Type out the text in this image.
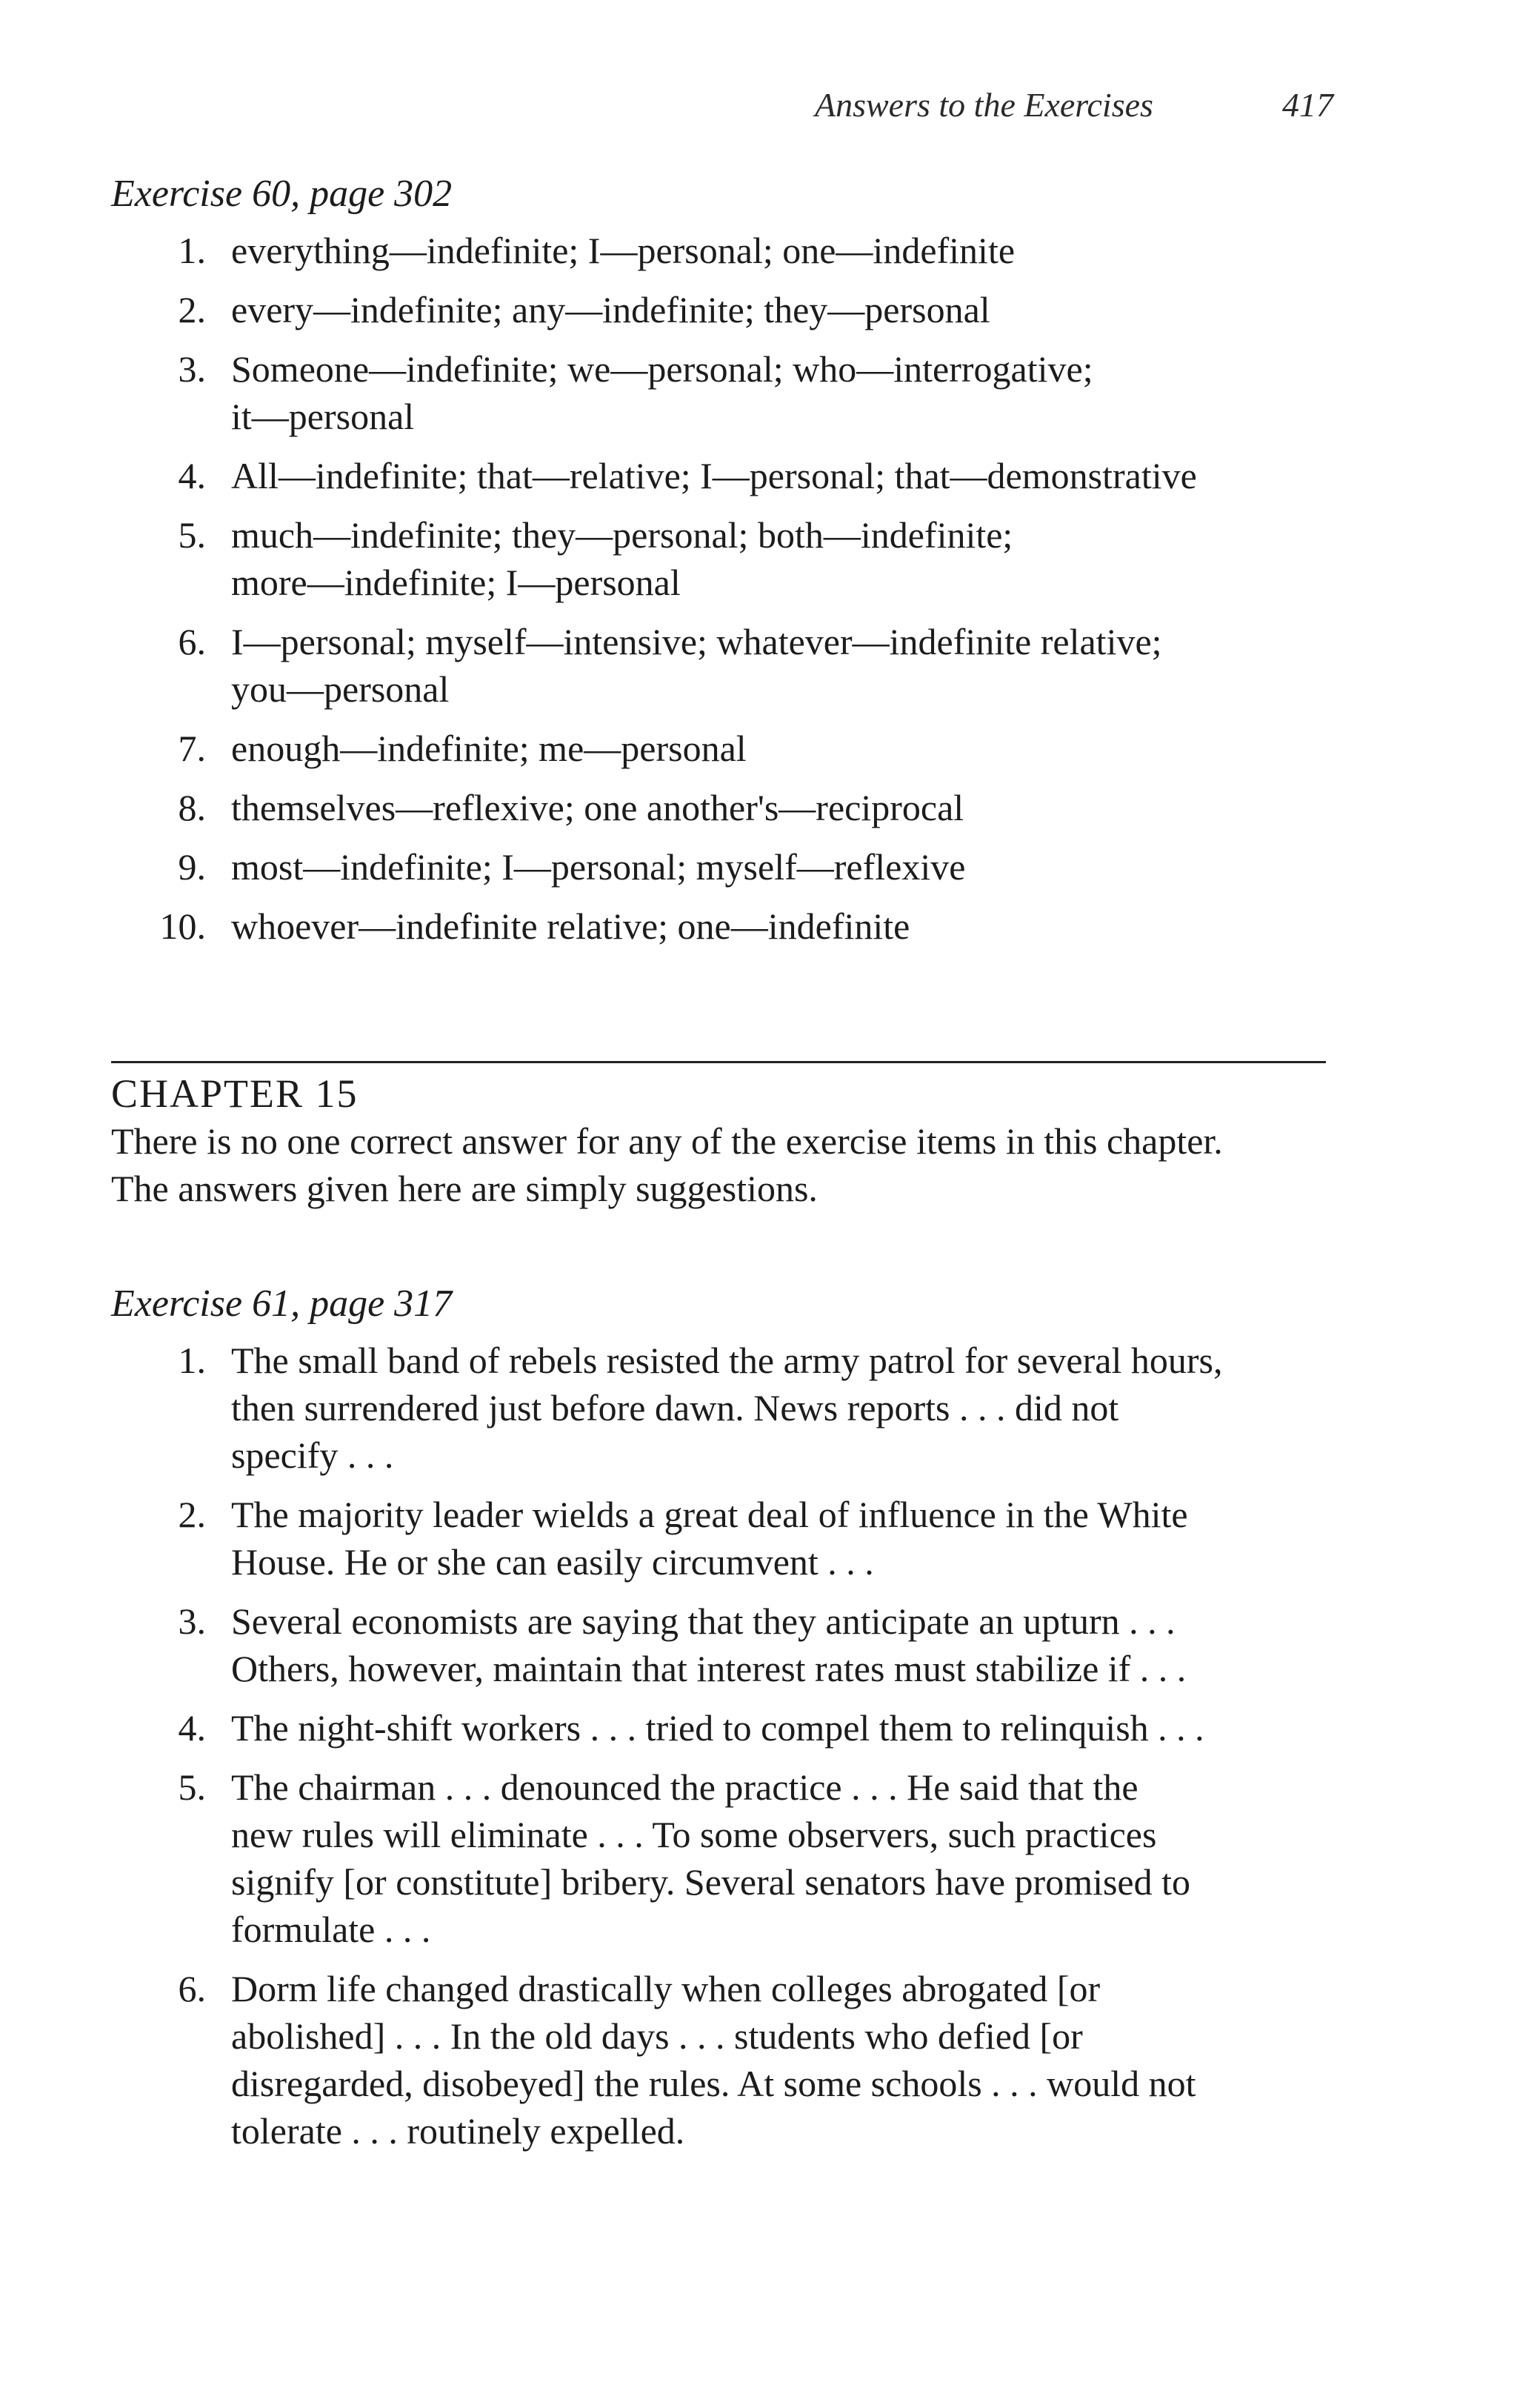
Answers to the Exercises	417
Exercise 60, page 302
1. everything—indefinite; I—personal; one—indefinite
2. every—indefinite; any—indefinite; they—personal
3. Someone—indefinite; we—personal; who—interrogative;
it—personal
4. All—indefinite; that—relative; I—personal; that—demonstrative
5. much—indefinite; they—personal; both—indefinite;
more—indefinite; I—personal
6. I—personal; myself—intensive; whatever—indefinite relative;
you—personal
7. enough—indefinite; me—personal
8. themselves—reflexive; one another's—reciprocal
9. most—indefinite; I—personal; myself—reflexive
10. whoever—indefinite relative; one—indefinite
CHAPTER 15
There is no one correct answer for any of the exercise items in this chapter.
The answers given here are simply suggestions.
Exercise 61, page 317
1. The small band of rebels resisted the army patrol for several hours,
then surrendered just before dawn. News reports . . . did not
specify . . .
2. The majority leader wields a great deal of influence in the White
House. He or she can easily circumvent . . .
3. Several economists are saying that they anticipate an upturn . . .
Others, however, maintain that interest rates must stabilize if . . .
4. The night-shift workers . . . tried to compel them to relinquish . . .
5. The chairman . . . denounced the practice . . . He said that the
new rules will eliminate . . . To some observers, such practices
signify [or constitute] bribery. Several senators have promised to
formulate . . .
6. Dorm life changed drastically when colleges abrogated [or
abolished] . . . In the old days . . . students who defied [or
disregarded, disobeyed] the rules. At some schools . . . would not
tolerate . . . routinely expelled.
